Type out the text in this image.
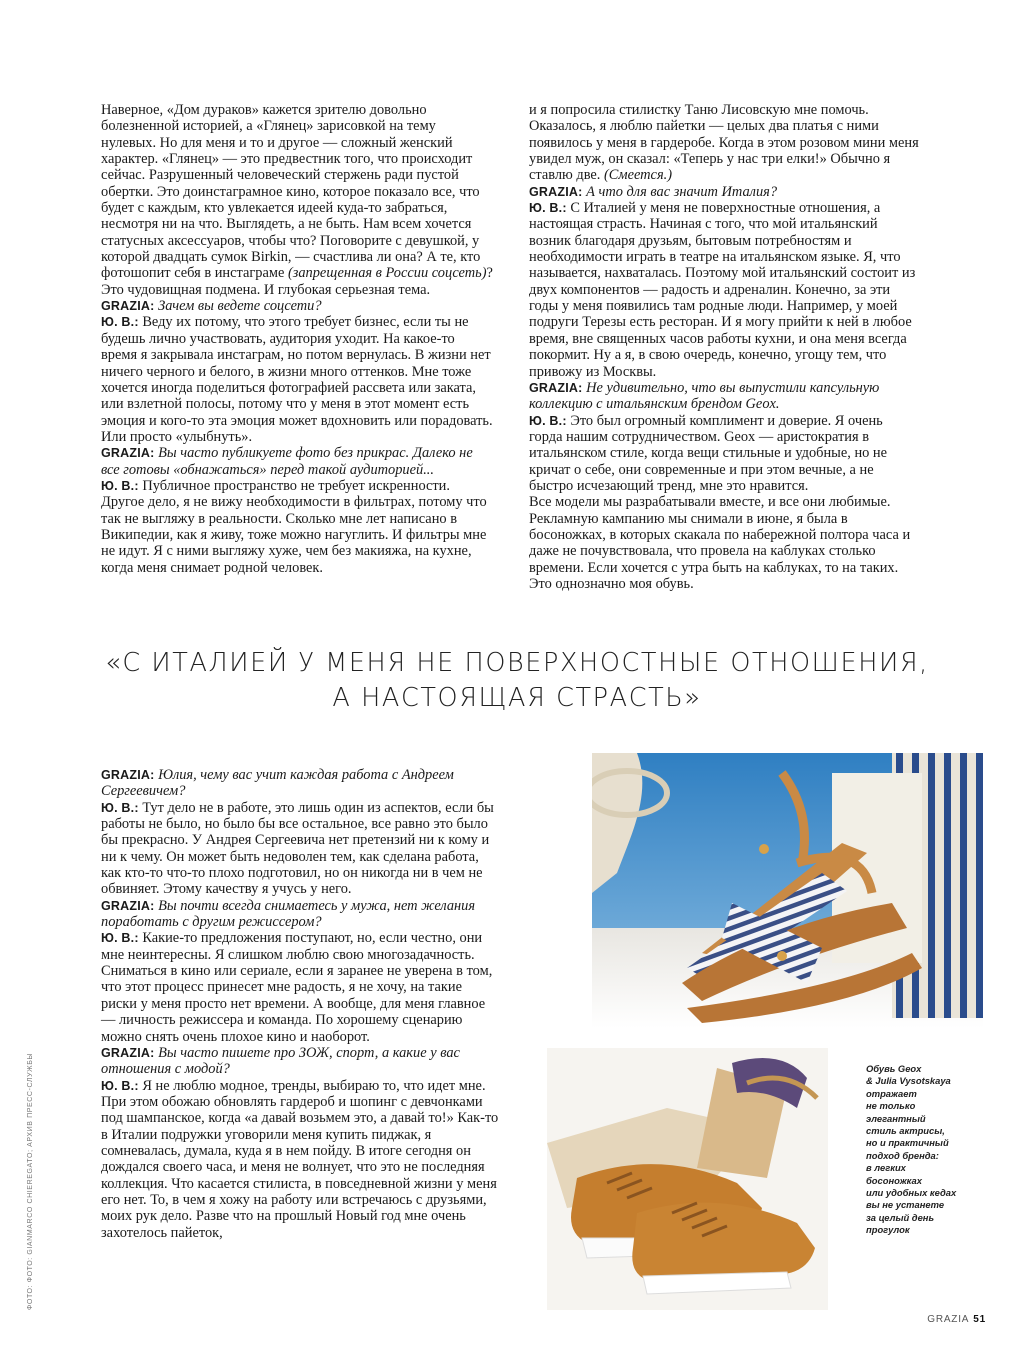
Наверное, «Дом дураков» кажется зрителю довольно болезненной историей, а «Глянец» зарисовкой на тему нулевых. Но для меня и то и другое — сложный женский характер. «Глянец» — это предвестник того, что происходит сейчас. Разрушенный человеческий стержень ради пустой обертки. Это доинстаграмное кино, которое показало все, что будет с каждым, кто увлекается идеей куда-то забраться, несмотря ни на что. Выглядеть, а не быть. Нам всем хочется статусных аксессуаров, чтобы что? Поговорите с девушкой, у которой двадцать сумок Birkin, — счастлива ли она? А те, кто фотошопит себя в инстаграме (запрещенная в России соцсеть)? Это чудовищная подмена. И глубокая серьезная тема.

GRAZIA: Зачем вы ведете соцсети?

Ю. В.: Веду их потому, что этого требует бизнес, если ты не будешь лично участвовать, аудитория уходит. На какое-то время я закрывала инстаграм, но потом вернулась. В жизни нет ничего черного и белого, в жизни много оттенков. Мне тоже хочется иногда поделиться фотографией рассвета или заката, или взлетной полосы, потому что у меня в этот момент есть эмоция и кого-то эта эмоция может вдохновить или порадовать. Или просто «улыбнуть».

GRAZIA: Вы часто публикуете фото без прикрас. Далеко не все готовы «обнажаться» перед такой аудиторией...

Ю. В.: Публичное пространство не требует искренности. Другое дело, я не вижу необходимости в фильтрах, потому что так не выгляжу в реальности. Сколько мне лет написано в Википедии, как я живу, тоже можно нагуглить. И фильтры мне не идут. Я с ними выгляжу хуже, чем без макияжа, на кухне, когда меня снимает родной человек.

и я попросила стилистку Таню Лисовскую мне помочь. Оказалось, я люблю пайетки — целых два платья с ними появилось у меня в гардеробе. Когда в этом розовом мини меня увидел муж, он сказал: «Теперь у нас три елки!» Обычно я ставлю две. (Смеется.)

GRAZIA: А что для вас значит Италия?

Ю. В.: С Италией у меня не поверхностные отношения, а настоящая страсть. Начиная с того, что мой итальянский возник благодаря друзьям, бытовым потребностям и необходимости играть в театре на итальянском языке. Я, что называется, нахваталась. Поэтому мой итальянский состоит из двух компонентов — радость и адреналин. Конечно, за эти годы у меня появились там родные люди. Например, у моей подруги Терезы есть ресторан. И я могу прийти к ней в любое время, вне священных часов работы кухни, и она меня всегда покормит. Ну а я, в свою очередь, конечно, угощу тем, что привожу из Москвы.

GRAZIA: Не удивительно, что вы выпустили капсульную коллекцию с итальянским брендом Geox.

Ю. В.: Это был огромный комплимент и доверие. Я очень горда нашим сотрудничеством. Geox — аристократия в итальянском стиле, когда вещи стильные и удобные, но не кричат о себе, они современные и при этом вечные, а не быстро исчезающий тренд, мне это нравится.

Все модели мы разрабатывали вместе, и все они любимые. Рекламную кампанию мы снимали в июне, я была в босоножках, в которых скакала по набережной полтора часа и даже не почувствовала, что провела на каблуках столько времени. Если хочется с утра быть на каблуках, то на таких. Это однозначно моя обувь.

«С ИТАЛИЕЙ У МЕНЯ НЕ ПОВЕРХНОСТНЫЕ ОТНОШЕНИЯ,
А НАСТОЯЩАЯ СТРАСТЬ»

GRAZIA: Юлия, чему вас учит каждая работа с Андреем Сергеевичем?

Ю. В.: Тут дело не в работе, это лишь один из аспектов, если бы работы не было, но было бы все остальное, все равно это было бы прекрасно. У Андрея Сергеевича нет претензий ни к кому и ни к чему. Он может быть недоволен тем, как сделана работа, как кто-то что-то плохо подготовил, но он никогда ни в чем не обвиняет. Этому качеству я учусь у него.

GRAZIA: Вы почти всегда снимаетесь у мужа, нет желания поработать с другим режиссером?

Ю. В.: Какие-то предложения поступают, но, если честно, они мне неинтересны. Я слишком люблю свою многозадачность. Сниматься в кино или сериале, если я заранее не уверена в том, что этот процесс принесет мне радость, я не хочу, на такие риски у меня просто нет времени. А вообще, для меня главное — личность режиссера и команда. По хорошему сценарию можно снять очень плохое кино и наоборот.

GRAZIA: Вы часто пишете про ЗОЖ, спорт, а какие у вас отношения с модой?

Ю. В.: Я не люблю модное, тренды, выбираю то, что идет мне. При этом обожаю обновлять гардероб и шопинг с девчонками под шампанское, когда «а давай возьмем это, а давай то!» Как-то в Италии подружки уговорили меня купить пиджак, я сомневалась, думала, куда я в нем пойду. В итоге сегодня он дождался своего часа, и меня не волнует, что это не последняя коллекция. Что касается стилиста, в повседневной жизни у меня его нет. То, в чем я хожу на работу или встречаюсь с друзьями, моих рук дело. Разве что на прошлый Новый год мне очень захотелось пайеток,

Обувь Geox

& Julia Vysotskaya

отражает

не только

элегантный

стиль актрисы,

но и практичный

подход бренда:

в легких

босоножках

или удобных кедах

вы не устанете

за целый день

прогулок

ФОТО: ФОТО: GIANMARCO CHIEREGATO; АРХИВ ПРЕСС-СЛУЖБЫ
GRAZIA 51
